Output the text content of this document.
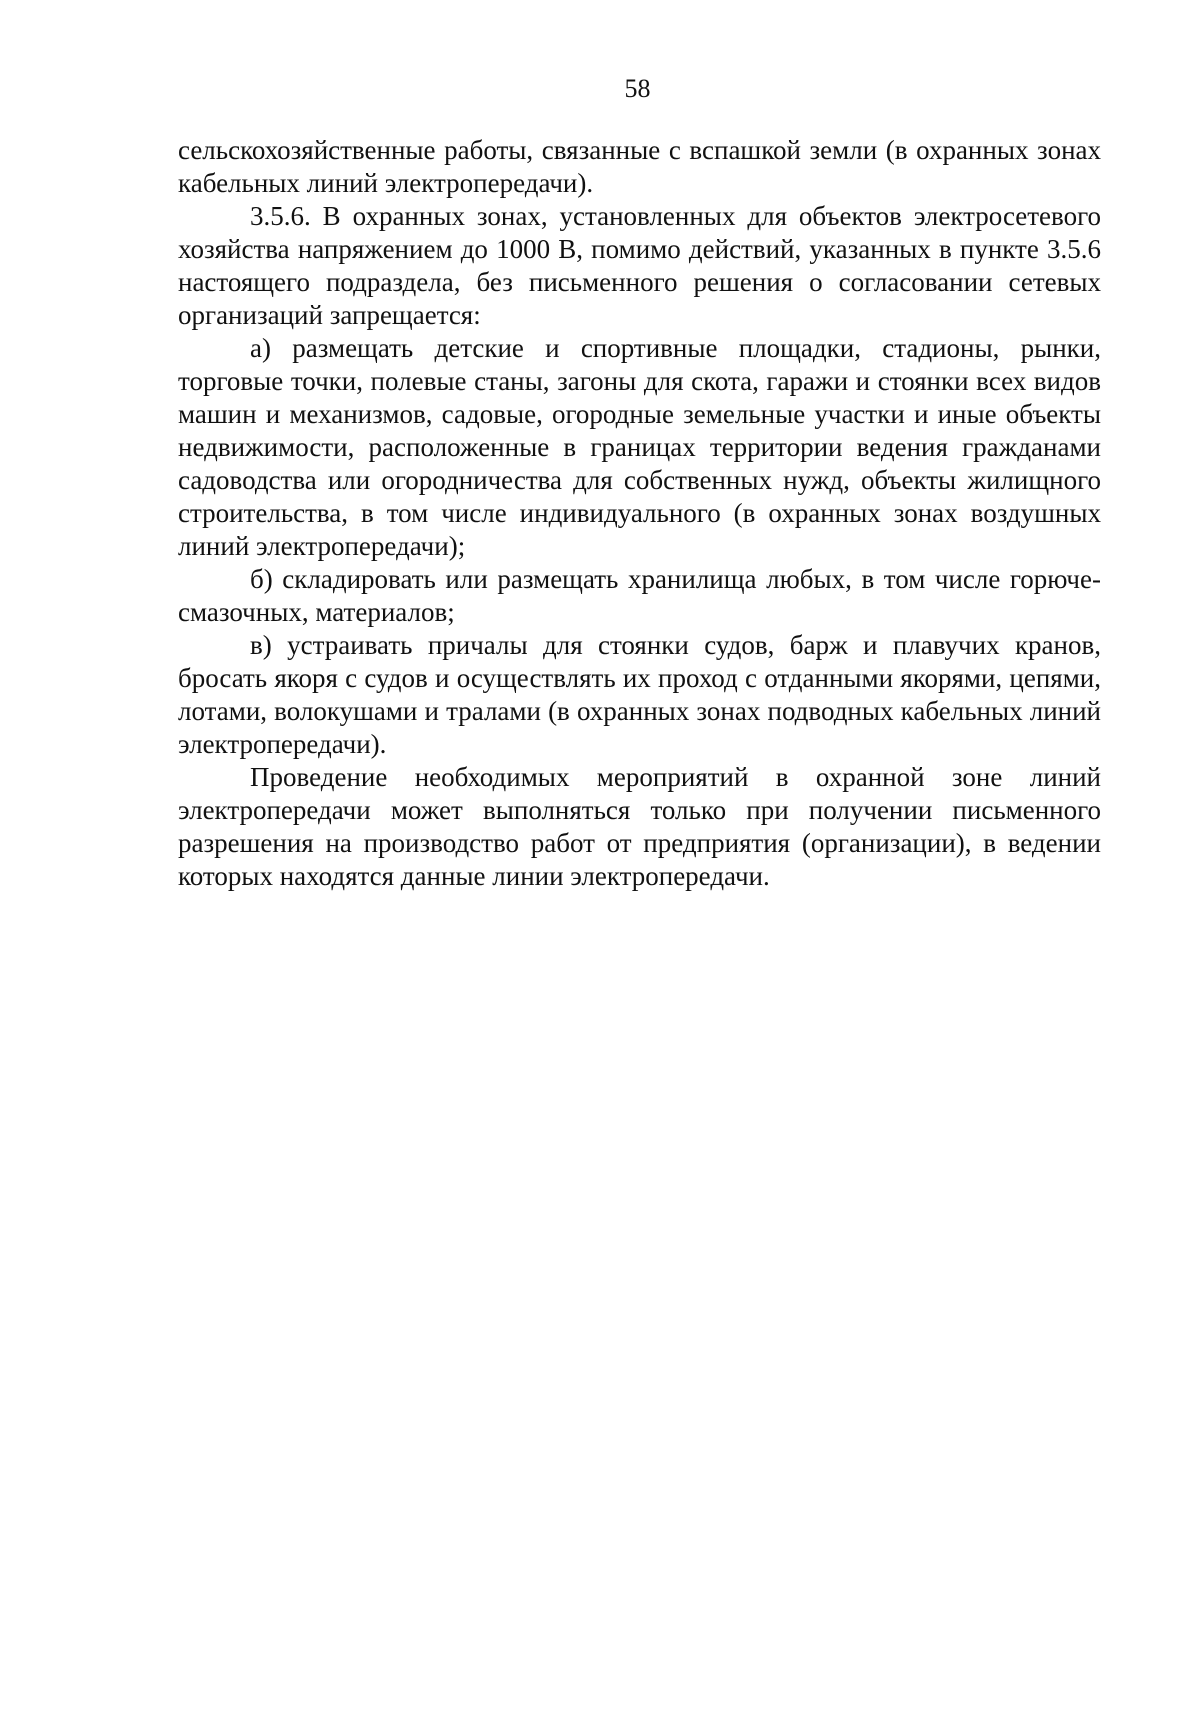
58

сельскохозяйственные работы, связанные с вспашкой земли (в охранных зонах кабельных линий электропередачи).

3.5.6. В охранных зонах, установленных для объектов электросетевого хозяйства напряжением до 1000 В, помимо действий, указанных в пункте 3.5.6 настоящего подраздела, без письменного решения о согласовании сетевых организаций запрещается:

а) размещать детские и спортивные площадки, стадионы, рынки, торговые точки, полевые станы, загоны для скота, гаражи и стоянки всех видов машин и механизмов, садовые, огородные земельные участки и иные объекты недвижимости, расположенные в границах территории ведения гражданами садоводства или огородничества для собственных нужд, объекты жилищного строительства, в том числе индивидуального (в охранных зонах воздушных линий электропередачи);

б) складировать или размещать хранилища любых, в том числе горюче-смазочных, материалов;

в) устраивать причалы для стоянки судов, барж и плавучих кранов, бросать якоря с судов и осуществлять их проход с отданными якорями, цепями, лотами, волокушами и тралами (в охранных зонах подводных кабельных линий электропередачи).

Проведение необходимых мероприятий в охранной зоне линий электропередачи может выполняться только при получении письменного разрешения на производство работ от предприятия (организации), в ведении которых находятся данные линии электропередачи.
